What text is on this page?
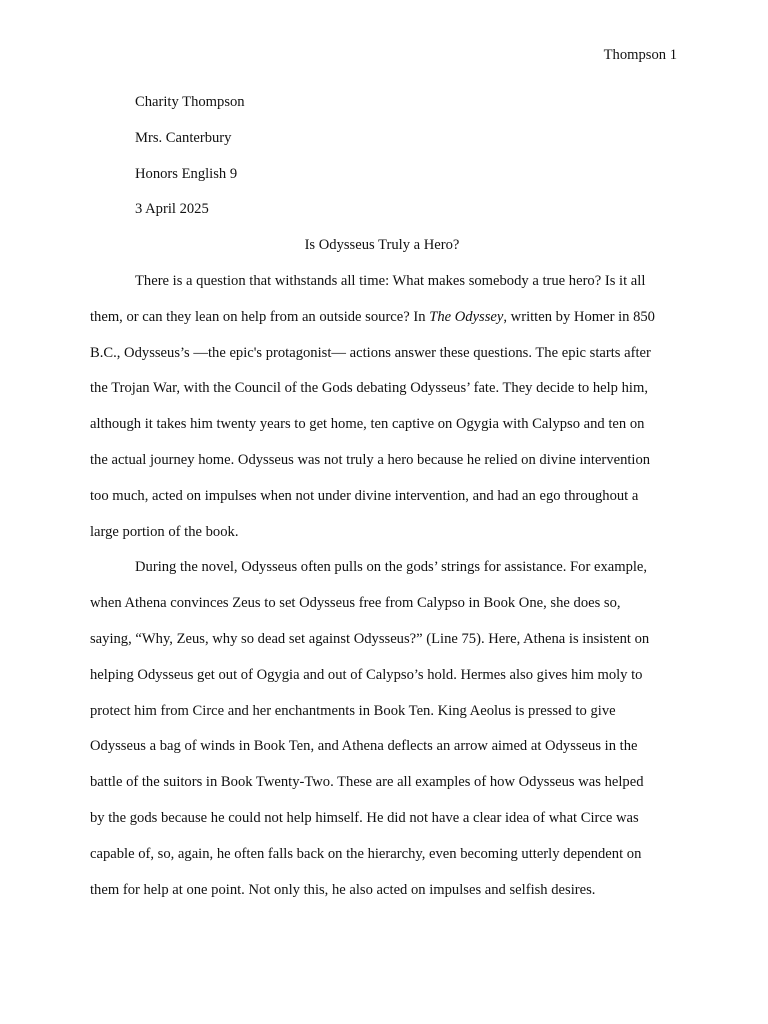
Thompson 1

Charity Thompson

Mrs. Canterbury

Honors English 9

3 April 2025

Is Odysseus Truly a Hero?

There is a question that withstands all time: What makes somebody a true hero? Is it all
them, or can they lean on help from an outside source? In The Odyssey, written by Homer in 850
B.C., Odysseus’s —the epic's protagonist— actions answer these questions. The epic starts after
the Trojan War, with the Council of the Gods debating Odysseus’ fate. They decide to help him,
although it takes him twenty years to get home, ten captive on Ogygia with Calypso and ten on
the actual journey home. Odysseus was not truly a hero because he relied on divine intervention
too much, acted on impulses when not under divine intervention, and had an ego throughout a
large portion of the book.
During the novel, Odysseus often pulls on the gods’ strings for assistance. For example,
when Athena convinces Zeus to set Odysseus free from Calypso in Book One, she does so,
saying, “Why, Zeus, why so dead set against Odysseus?” (Line 75). Here, Athena is insistent on
helping Odysseus get out of Ogygia and out of Calypso’s hold. Hermes also gives him moly to
protect him from Circe and her enchantments in Book Ten. King Aeolus is pressed to give
Odysseus a bag of winds in Book Ten, and Athena deflects an arrow aimed at Odysseus in the
battle of the suitors in Book Twenty-Two. These are all examples of how Odysseus was helped
by the gods because he could not help himself. He did not have a clear idea of what Circe was
capable of, so, again, he often falls back on the hierarchy, even becoming utterly dependent on
them for help at one point. Not only this, he also acted on impulses and selfish desires.
